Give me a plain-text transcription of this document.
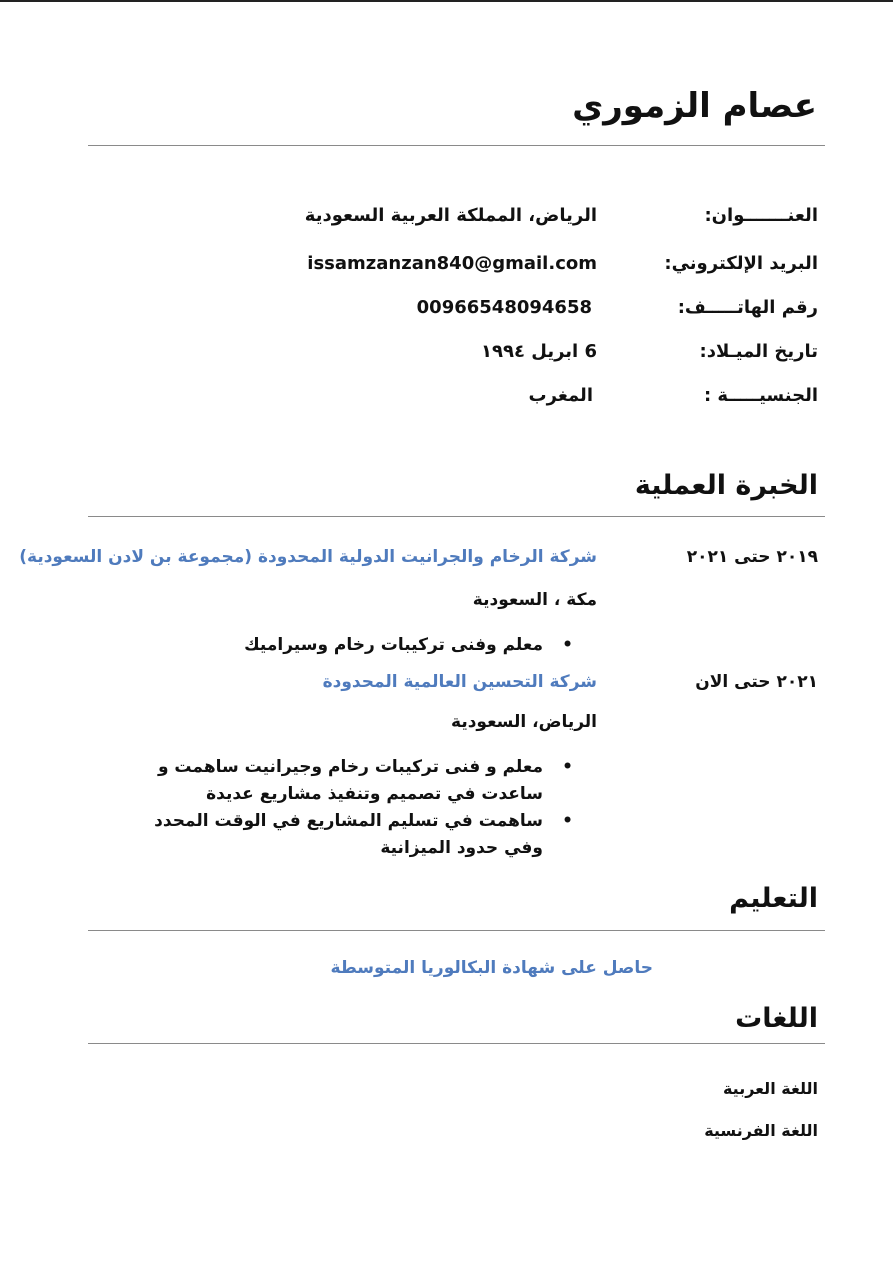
عصام الزموري
العنـــــــوان:
الرياض، المملكة العربية السعودية
البريد الإلكتروني:
issamzanzan840@gmail.com
رقم الهاتـــــف:
00966548094658
تاريخ الميـلاد:
6 ابريل ١٩٩٤
الجنسيـــــة :
المغرب
الخبرة العملية
٢٠١٩ حتى ٢٠٢١
شركة الرخام والجرانيت الدولية المحدودة (مجموعة بن لادن السعودية)
مكة ، السعودية
•
معلم وفنى تركيبات رخام وسيراميك
٢٠٢١ حتى الان
شركة التحسين العالمية المحدودة
الرياض، السعودية
•
معلم و فنى تركيبات رخام وجيرانيت ساهمت و ساعدت في تصميم وتنفيذ مشاريع عديدة
•
ساهمت في تسليم المشاريع في الوقت المحدد وفي حدود الميزانية
التعليم
حاصل على شهادة البكالوريا المتوسطة
اللغات
اللغة العربية
اللغة الفرنسية
